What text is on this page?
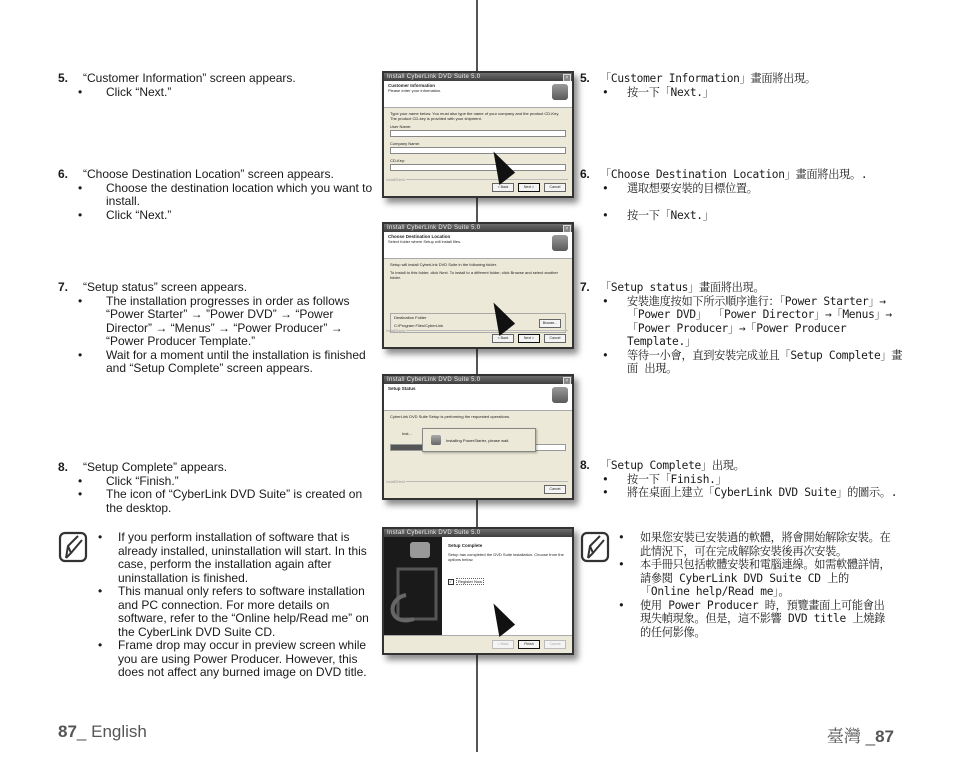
5.	“Customer Information” screen appears.
•	Click “Next.”
6.	“Choose Destination Location” screen appears.
•	Choose the destination location which you want to install.
•	Click “Next.”
7.	“Setup status” screen appears.
•	The installation progresses in order as follows “Power Starter” → ”Power DVD” → “Power Director” → “Menus” → “Power Producer” → “Power Producer Template.”
•	Wait for a moment until the installation is finished and “Setup Complete” screen appears.
8.	“Setup Complete” appears.
•	Click “Finish.”
•	The icon of “CyberLink DVD Suite” is created on the desktop.
•	If you perform installation of software that is already installed, uninstallation will start. In this case, perform the installation again after uninstallation is finished.
•	This manual only refers to software installation and PC connection. For more details on software, refer to the “Online help/Read me” on the CyberLink DVD Suite CD.
•	Frame drop may occur in preview screen while you are using Power Producer. However, this does not affect any burned image on DVD title.
5. 「Customer Information」畫面將出現。
•	按一下「Next.」
6. 「Choose Destination Location」畫面將出現。.
•	選取想要安裝的目標位置。
•	按一下「Next.」
7. 「Setup status」畫面將出現。
•	安裝進度按如下所示順序進行：「Power Starter」→「Power DVD」 「Power Director」→「Menus」→「Power Producer」→「Power Producer Template.」
•	等待一小會，直到安裝完成並且「Setup Complete」畫面 出現。
8. 「Setup Complete」出現。
•	按一下「Finish.」
•	將在桌面上建立「CyberLink DVD Suite」的圖示。.
•	如果您安裝已安裝過的軟體，將會開始解除安裝。在此情況下，可在完成解除安裝後再次安裝。
•	本手冊只包括軟體安裝和電腦連線。如需軟體詳情，請參閱 CyberLink DVD Suite CD 上的「Online help/Read me」。
•	使用 Power Producer 時，預覽畫面上可能會出現失幀現象。但是，這不影響 DVD title 上燒錄的任何影像。
Install CyberLink DVD Suite 5.0	×
Customer Information
Please enter your information.
Type your name below. You must also type the name of your company and the product CD-Key. The product CD-key is provided with your shipment.
User Name:
Company Name:
CD-Key:
InstallShield
< Back	Next >	Cancel
Install CyberLink DVD Suite 5.0	×
Choose Destination Location
Select folder where Setup will install files.
Setup will install CyberLink DVD Suite in the following folder.
To install to this folder, click Next. To install to a different folder, click Browse and select another folder.
Destination Folder
C:\Program Files\CyberLink	Browse...
InstallShield
< Back	Next >	Cancel
Install CyberLink DVD Suite 5.0	×
Setup Status
CyberLink DVD Suite Setup is performing the requested operations.
Inst...
Installing PowerStarter, please wait.
InstallShield
Cancel
Install CyberLink DVD Suite 5.0
Setup Complete
Setup has completed the DVD Suite installation. Choose from the options below.
✓	Register Now
< Back	Finish	Cancel
87_ English	臺灣 _87
